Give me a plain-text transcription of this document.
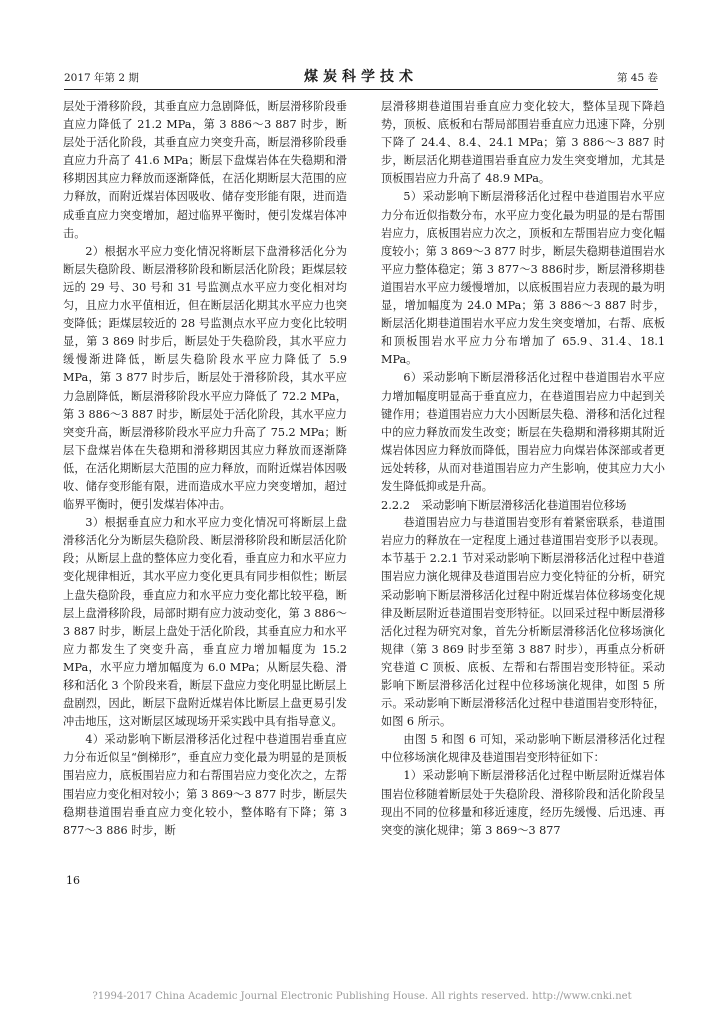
2017 年第 2 期	煤炭科学技术	第 45 卷

层处于滑移阶段，其垂直应力急剧降低，断层滑移阶段垂直应力降低了 21.2 MPa，第 3 886～3 887 时步，断层处于活化阶段，其垂直应力突变升高，断层滑移阶段垂直应力升高了 41.6 MPa；断层下盘煤岩体在失稳期和滑移期因其应力释放而逐渐降低，在活化期断层大范围的应力释放，而附近煤岩体因吸收、储存变形能有限，进而造成垂直应力突变增加，超过临界平衡时，便引发煤岩体冲击。

2）根据水平应力变化情况将断层下盘滑移活化分为断层失稳阶段、断层滑移阶段和断层活化阶段；距煤层较远的 29 号、30 号和 31 号监测点水平应力变化相对均匀，且应力水平值相近，但在断层活化期其水平应力也突变降低；距煤层较近的 28 号监测点水平应力变化比较明显，第 3 869 时步后，断层处于失稳阶段，其水平应力缓慢渐进降低，断层失稳阶段水平应力降低了 5.9 MPa，第 3 877 时步后，断层处于滑移阶段，其水平应力急剧降低，断层滑移阶段水平应力降低了 72.2 MPa，第 3 886～3 887 时步，断层处于活化阶段，其水平应力突变升高，断层滑移阶段水平应力升高了 75.2 MPa；断层下盘煤岩体在失稳期和滑移期因其应力释放而逐渐降低，在活化期断层大范围的应力释放，而附近煤岩体因吸收、储存变形能有限，进而造成水平应力突变增加，超过临界平衡时，便引发煤岩体冲击。

3）根据垂直应力和水平应力变化情况可将断层上盘滑移活化分为断层失稳阶段、断层滑移阶段和断层活化阶段；从断层上盘的整体应力变化看，垂直应力和水平应力变化规律相近，其水平应力变化更具有同步相似性；断层上盘失稳阶段，垂直应力和水平应力变化都比较平稳，断层上盘滑移阶段，局部时期有应力波动变化，第 3 886～3 887 时步，断层上盘处于活化阶段，其垂直应力和水平应力都发生了突变升高，垂直应力增加幅度为 15.2 MPa，水平应力增加幅度为 6.0 MPa；从断层失稳、滑移和活化 3 个阶段来看，断层下盘应力变化明显比断层上盘剧烈，因此，断层下盘附近煤岩体比断层上盘更易引发冲击地压，这对断层区域现场开采实践中具有指导意义。

4）采动影响下断层滑移活化过程中巷道围岩垂直应力分布近似呈“倒梯形”，垂直应力变化最为明显的是顶板围岩应力，底板围岩应力和右帮围岩应力变化次之，左帮围岩应力变化相对较小；第 3 869～3 877 时步，断层失稳期巷道围岩垂直应力变化较小，整体略有下降；第 3 877～3 886 时步，断

层滑移期巷道围岩垂直应力变化较大，整体呈现下降趋势，顶板、底板和右帮局部围岩垂直应力迅速下降，分别下降了 24.4、8.4、24.1 MPa；第 3 886～3 887 时步，断层活化期巷道围岩垂直应力发生突变增加，尤其是顶板围岩应力升高了 48.9 MPa。

5）采动影响下断层滑移活化过程中巷道围岩水平应力分布近似指数分布，水平应力变化最为明显的是右帮围岩应力，底板围岩应力次之，顶板和左帮围岩应力变化幅度较小；第 3 869～3 877 时步，断层失稳期巷道围岩水平应力整体稳定；第 3 877～3 886时步，断层滑移期巷道围岩水平应力缓慢增加，以底板围岩应力表现的最为明显，增加幅度为 24.0 MPa；第 3 886～3 887 时步，断层活化期巷道围岩水平应力发生突变增加，右帮、底板和顶板围岩水平应力分布增加了 65.9、31.4、18.1 MPa。

6）采动影响下断层滑移活化过程中巷道围岩水平应力增加幅度明显高于垂直应力，在巷道围岩应力中起到关键作用；巷道围岩应力大小因断层失稳、滑移和活化过程中的应力释放而发生改变；断层在失稳期和滑移期其附近煤岩体因应力释放而降低，围岩应力向煤岩体深部或者更远处转移，从而对巷道围岩应力产生影响，使其应力大小发生降低抑或是升高。

2.2.2　采动影响下断层滑移活化巷道围岩位移场

巷道围岩应力与巷道围岩变形有着紧密联系，巷道围岩应力的释放在一定程度上通过巷道围岩变形予以表现。本节基于 2.2.1 节对采动影响下断层滑移活化过程中巷道围岩应力演化规律及巷道围岩应力变化特征的分析，研究采动影响下断层滑移活化过程中附近煤岩体位移场变化规律及断层附近巷道围岩变形特征。以回采过程中断层滑移活化过程为研究对象，首先分析断层滑移活化位移场演化规律（第 3 869 时步至第 3 887 时步），再重点分析研究巷道 C 顶板、底板、左帮和右帮围岩变形特征。采动影响下断层滑移活化过程中位移场演化规律，如图 5 所示。采动影响下断层滑移活化过程中巷道围岩变形特征，如图 6 所示。

由图 5 和图 6 可知，采动影响下断层滑移活化过程中位移场演化规律及巷道围岩变形特征如下：

1）采动影响下断层滑移活化过程中断层附近煤岩体围岩位移随着断层处于失稳阶段、滑移阶段和活化阶段呈现出不同的位移量和移近速度，经历先缓慢、后迅速、再突变的演化规律；第 3 869～3 877

16
?1994-2017 China Academic Journal Electronic Publishing House. All rights reserved. http://www.cnki.net
